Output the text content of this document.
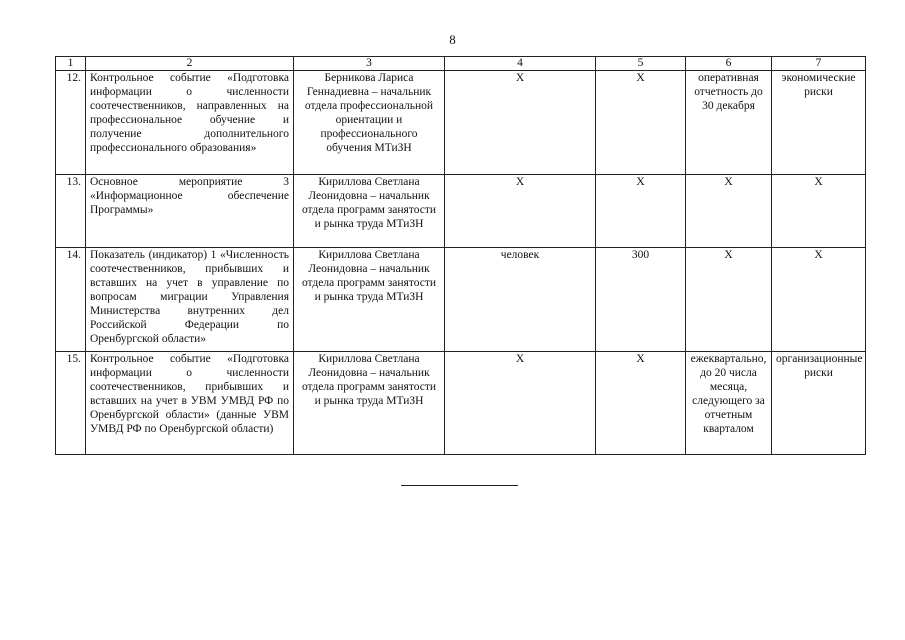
8
1	2	3	4	5	6	7
12.	Контрольное событие «Подготовка информации о численности соотечественников, направленных на профессиональное обучение и получение дополнительного профессионального образования»	Берникова Лариса Геннадиевна – начальник отдела профессиональной ориентации и профессионального обучения МТиЗН	Х	Х	оперативная отчетность до 30 декабря	экономические риски
13.	Основное мероприятие 3 «Информационное обеспечение Программы»	Кириллова Светлана Леонидовна – начальник отдела программ занятости и рынка труда МТиЗН	Х	Х	Х	Х
14.	Показатель (индикатор) 1 «Численность соотечественников, прибывших и вставших на учет в управление по вопросам миграции Управления Министерства внутренних дел Российской Федерации по Оренбургской области»	Кириллова Светлана Леонидовна – начальник отдела программ занятости и рынка труда МТиЗН	человек	300	Х	Х
15.	Контрольное событие «Подготовка информации о численности соотечественников, прибывших и вставших на учет в УВМ УМВД РФ по Оренбургской области» (данные УВМ УМВД РФ по Оренбургской области)	Кириллова Светлана Леонидовна – начальник отдела программ занятости и рынка труда МТиЗН	Х	Х	ежеквартально, до 20 числа месяца, следующего за отчетным кварталом	организационные риски
